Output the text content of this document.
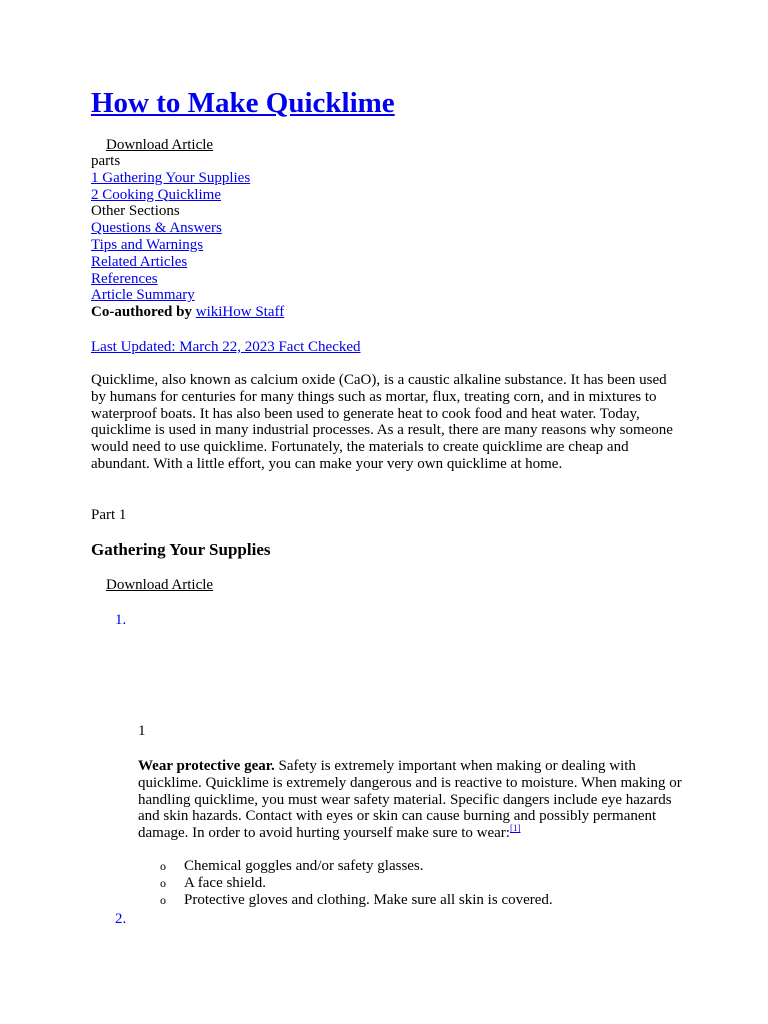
How to Make Quicklime

Download Article

parts
1 Gathering Your Supplies
2 Cooking Quicklime
Other Sections
Questions & Answers
Tips and Warnings
Related Articles
References
Article Summary
Co-authored by wikiHow Staff

Last Updated: March 22, 2023 Fact Checked

Quicklime, also known as calcium oxide (CaO), is a caustic alkaline substance. It has been used by humans for centuries for many things such as mortar, flux, treating corn, and in mixtures to waterproof boats. It has also been used to generate heat to cook food and heat water. Today, quicklime is used in many industrial processes. As a result, there are many reasons why someone would need to use quicklime. Fortunately, the materials to create quicklime are cheap and abundant. With a little effort, you can make your very own quicklime at home.

Part 1

Gathering Your Supplies

Download Article

1.

1

Wear protective gear. Safety is extremely important when making or dealing with quicklime. Quicklime is extremely dangerous and is reactive to moisture. When making or handling quicklime, you must wear safety material. Specific dangers include eye hazards and skin hazards. Contact with eyes or skin can cause burning and possibly permanent damage. In order to avoid hurting yourself make sure to wear:[1]

o Chemical goggles and/or safety glasses.
o A face shield.
o Protective gloves and clothing. Make sure all skin is covered.

2.
